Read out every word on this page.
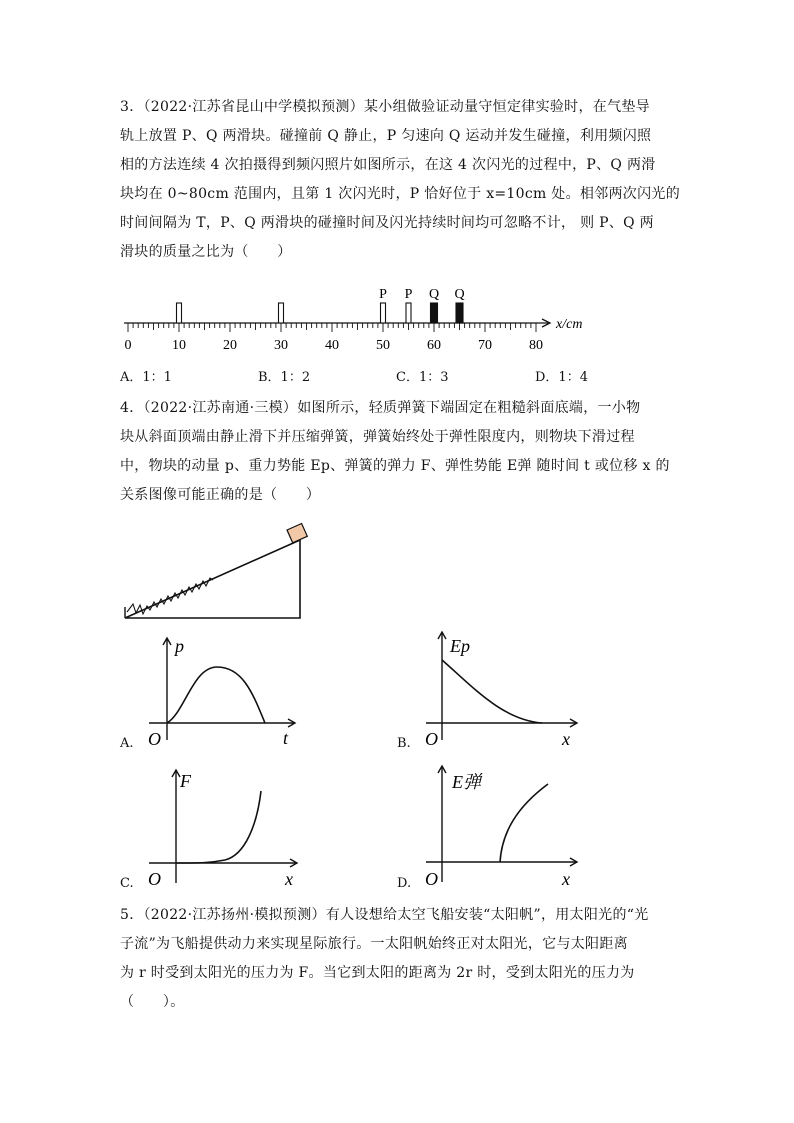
3．（2022·江苏省昆山中学模拟预测）某小组做验证动量守恒定律实验时，在气垫导

轨上放置 P、Q 两滑块。碰撞前 Q 静止，P 匀速向 Q 运动并发生碰撞，利用频闪照

相的方法连续 4 次拍摄得到频闪照片如图所示，在这 4 次闪光的过程中，P、Q 两滑

块均在 0~80cm 范围内，且第 1 次闪光时，P 恰好位于 x=10cm 处。相邻两次闪光的

时间间隔为 T，P、Q 两滑块的碰撞时间及闪光持续时间均可忽略不计， 则 P、Q 两

滑块的质量之比为（　　）

0	10	20	30	40	50	60	70	80
P P Q Q
x/cm
A．1：1	B．1：2	C．1：3	D．1：4

4．（2022·江苏南通·三模）如图所示，轻质弹簧下端固定在粗糙斜面底端，一小物

块从斜面顶端由静止滑下并压缩弹簧，弹簧始终处于弹性限度内，则物块下滑过程

中，物块的动量 p、重力势能 Ep、弹簧的弹力 F、弹性势能 E弹 随时间 t 或位移 x 的

关系图像可能正确的是（　　）

p
t
O
A.
Ep
x
O
B.
F
x
O
C.
E弹
x
O
D.

5．（2022·江苏扬州·模拟预测）有人设想给太空飞船安装“太阳帆”，用太阳光的“光

子流”为飞船提供动力来实现星际旅行。一太阳帆始终正对太阳光，它与太阳距离

为 r 时受到太阳光的压力为 F。当它到太阳的距离为 2r 时，受到太阳光的压力为

（　　）。
